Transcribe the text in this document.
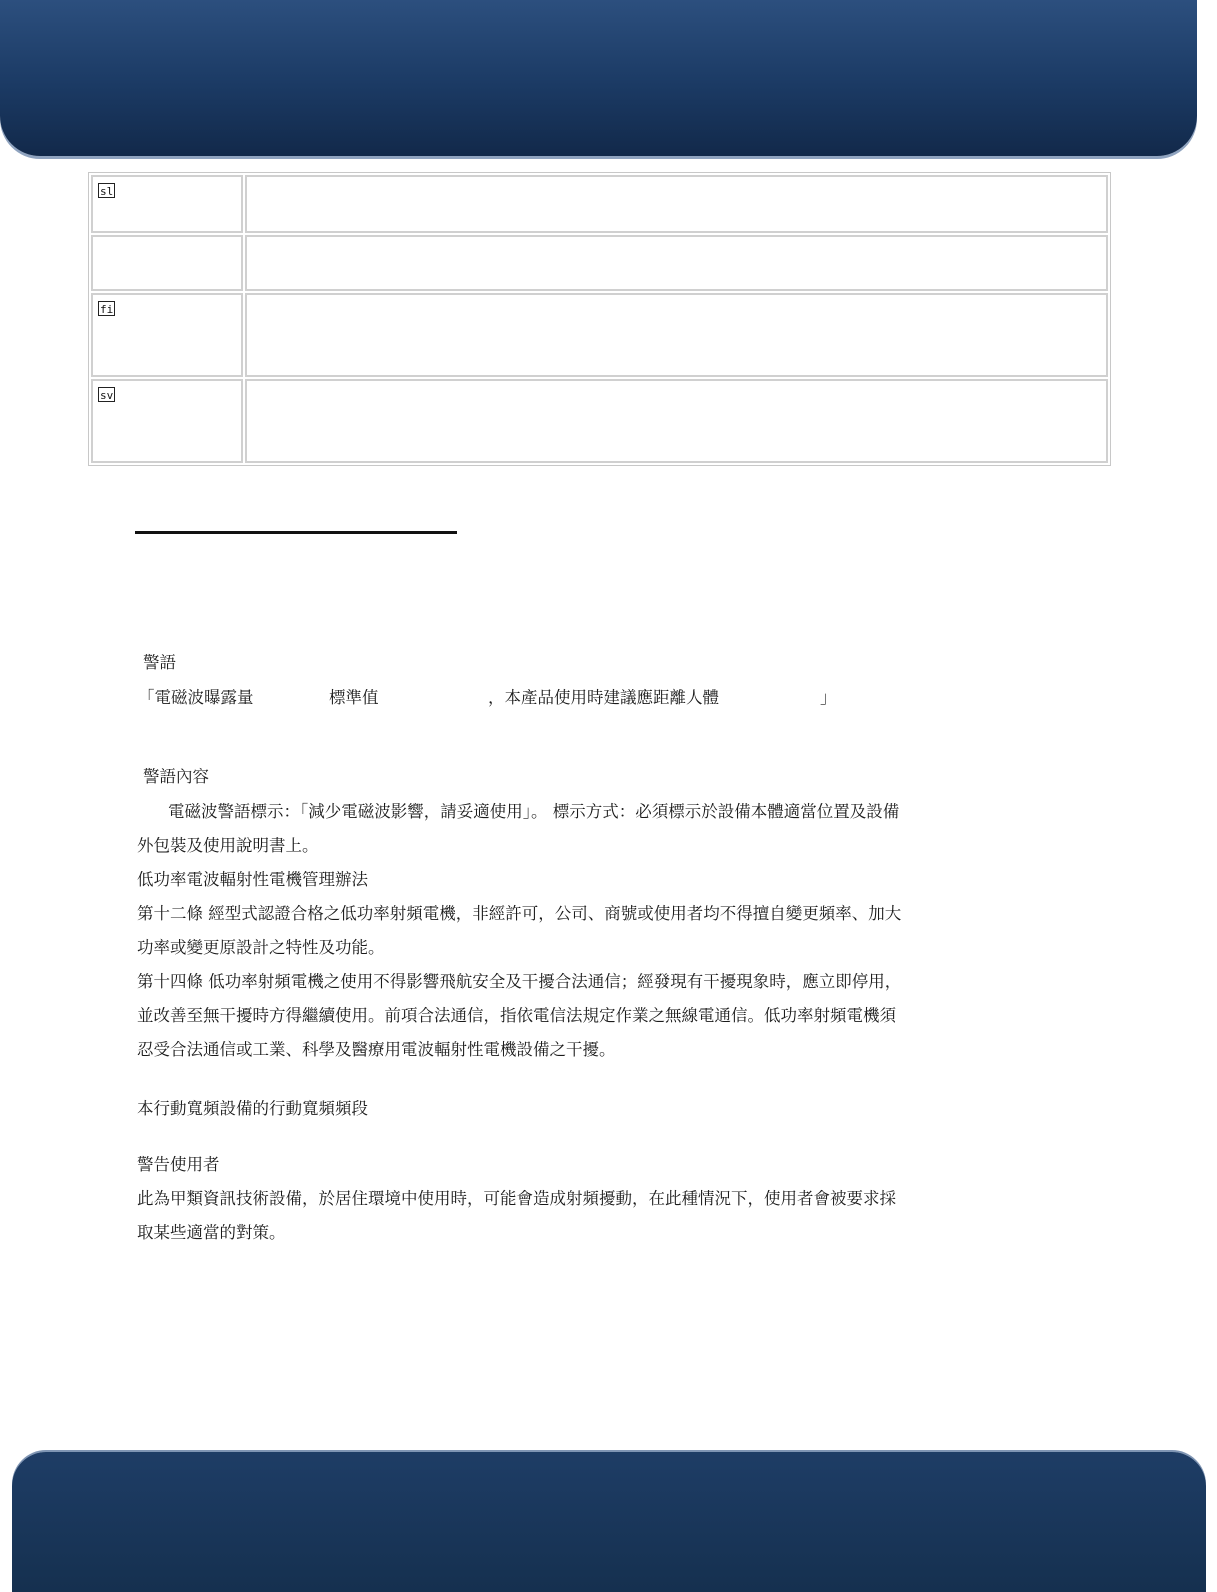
sl	

fi	
sv	
警語
「電磁波曝露量	標準值	，本產品使用時建議應距離人體	」
警語內容
電磁波警語標示：「減少電磁波影響，請妥適使用」。 標示方式：必須標示於設備本體適當位置及設備
外包裝及使用說明書上。
低功率電波輻射性電機管理辦法
第十二條 經型式認證合格之低功率射頻電機，非經許可，公司、商號或使用者均不得擅自變更頻率、加大
功率或變更原設計之特性及功能。
第十四條 低功率射頻電機之使用不得影響飛航安全及干擾合法通信；經發現有干擾現象時，應立即停用，
並改善至無干擾時方得繼續使用。前項合法通信，指依電信法規定作業之無線電通信。低功率射頻電機須
忍受合法通信或工業、科學及醫療用電波輻射性電機設備之干擾。
本行動寬頻設備的行動寬頻頻段
警告使用者
此為甲類資訊技術設備，於居住環境中使用時，可能會造成射頻擾動，在此種情況下，使用者會被要求採
取某些適當的對策。
